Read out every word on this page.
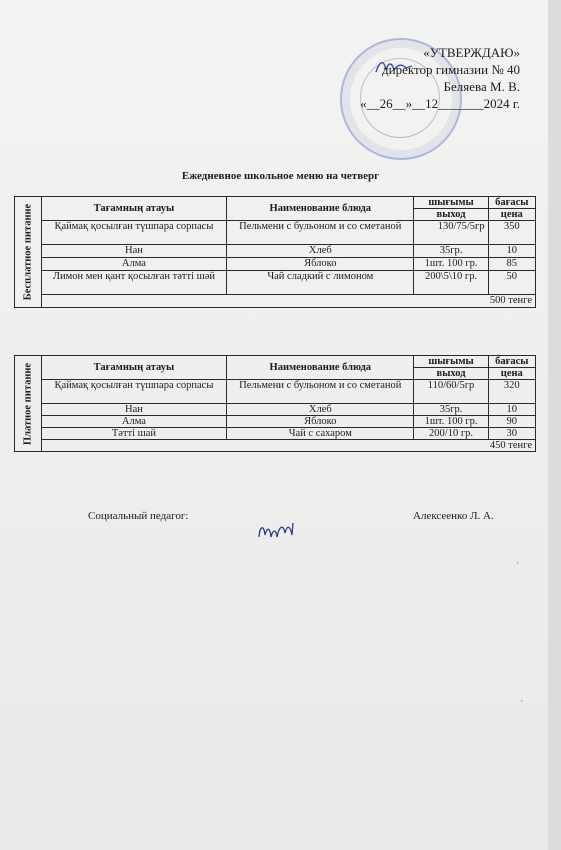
«УТВЕРЖДАЮ»
директор гимназии № 40
Беляева М. В.
«__26__»__12_______2024 г.
Ежедневное школьное меню на четверг
Бесплатное питание	Тағамның атауы	Наименование блюда	шығымы	бағасы
			выход	цена
	Қаймақ қосылған түшпара сорпасы	Пельмени с бульоном и со сметаной	130/75/5гр	350
	Нан	Хлеб	35гр.	10
	Алма	Яблоко	1шт. 100 гр.	85
	Лимон мен қант қосылған тәтті шәй	Чай сладкий с лимоном	200\5\10 гр.	50
	500 тенге			
Платное питание	Тағамның атауы	Наименование блюда	шығымы	бағасы
			выход	цена
	Қаймақ қосылған түшпара сорпасы	Пельмени с бульоном и со сметаной	110/60/5гр	320
	Нан	Хлеб	35гр.	10
	Алма	Яблоко	1шт. 100 гр.	90
	Тәтті шай	Чай с сахаром	200/10 гр.	30
	450 тенге			
Социальный педагог:	Алексеенко Л. А.
ˌ
ˌ
